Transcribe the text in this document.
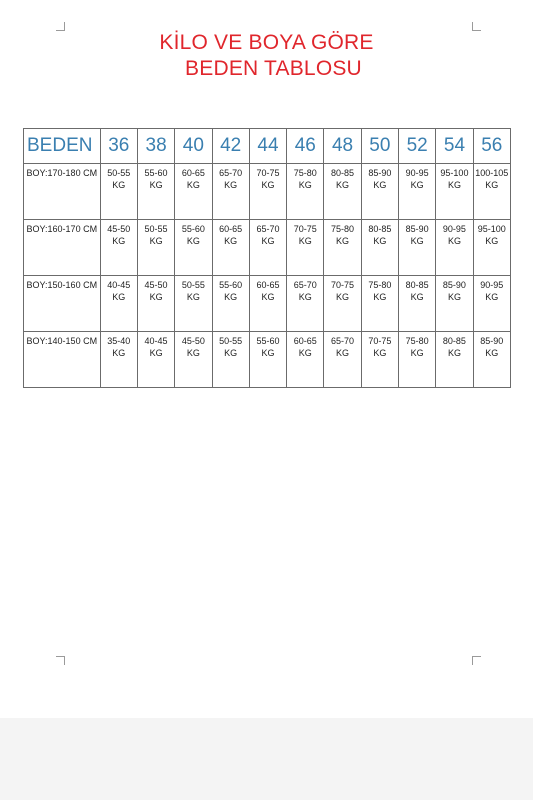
KİLO VE BOYA GÖRE
BEDEN TABLOSU
BEDEN	36	38	40	42	44	46	48	50	52	54	56
BOY:170-180 CM	50-55 KG	55-60 KG	60-65 KG	65-70 KG	70-75 KG	75-80 KG	80-85 KG	85-90 KG	90-95 KG	95-100 KG	100-105 KG

BOY:160-170 CM	45-50 KG	50-55 KG	55-60 KG	60-65 KG	65-70 KG	70-75 KG	75-80 KG	80-85 KG	85-90 KG	90-95 KG	95-100 KG

BOY:150-160 CM	40-45 KG	45-50 KG	50-55 KG	55-60 KG	60-65 KG	65-70 KG	70-75 KG	75-80 KG	80-85 KG	85-90 KG	90-95 KG

BOY:140-150 CM	35-40 KG	40-45 KG	45-50 KG	50-55 KG	55-60 KG	60-65 KG	65-70 KG	70-75 KG	75-80 KG	80-85 KG	85-90 KG
